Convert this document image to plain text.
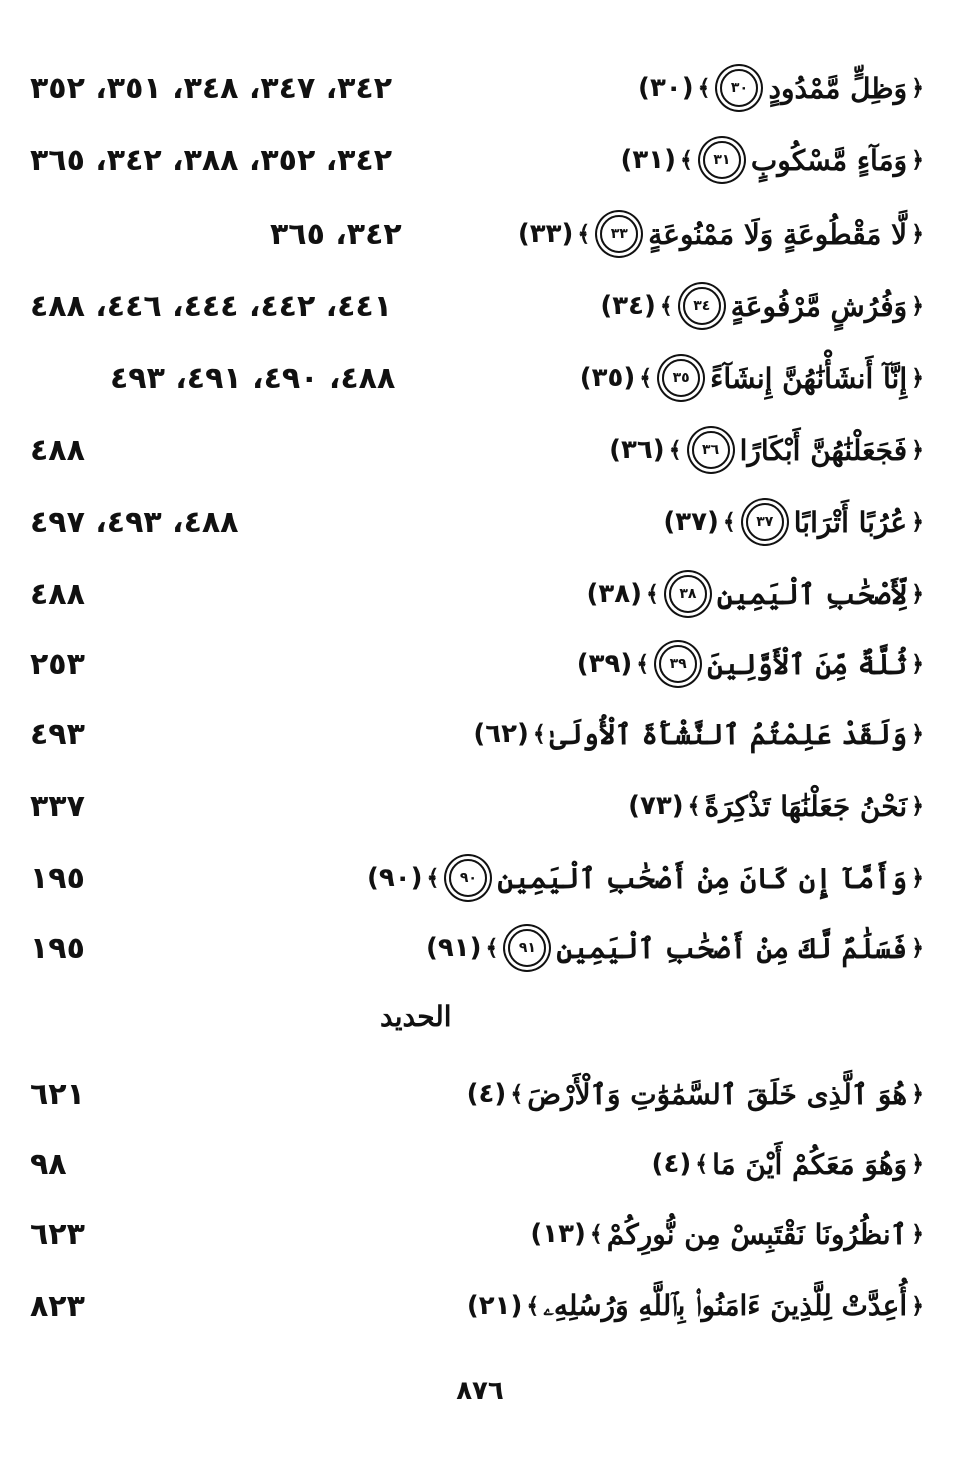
﴿
وَظِلٍّ مَّمْدُودٍ
٣٠
﴾
(٣٠)
٣٤٢، ٣٤٧، ٣٤٨، ٣٥١، ٣٥٢
﴿
وَمَآءٍ مَّسْكُوبٍ
٣١
﴾
(٣١)
٣٤٢، ٣٥٢، ٣٨٨، ٣٤٢، ٣٦٥
﴿
لَّا مَقْطُوعَةٍ وَلَا مَمْنُوعَةٍ
٣٣
﴾
(٣٣)
٣٤٢، ٣٦٥
﴿
وَفُرُشٍ مَّرْفُوعَةٍ
٣٤
﴾
(٣٤)
٤٤١، ٤٤٢، ٤٤٤، ٤٤٦، ٤٨٨
﴿
إِنَّآ أَنشَأْنَٰهُنَّ إِنشَآءً
٣٥
﴾
(٣٥)
٤٨٨، ٤٩٠، ٤٩١، ٤٩٣
﴿
فَجَعَلْنَٰهُنَّ أَبْكَارًا
٣٦
﴾
(٣٦)
٤٨٨
﴿
عُرُبًا أَتْرَابًا
٣٧
﴾
(٣٧)
٤٨٨، ٤٩٣، ٤٩٧
﴿
لِّأَصْحَٰبِ ٱلْيَمِينِ
٣٨
﴾
(٣٨)
٤٨٨
﴿
ثُلَّةٌ مِّنَ ٱلْأَوَّلِينَ
٣٩
﴾
(٣٩)
٢٥٣
﴿
وَلَقَدْ عَلِمْتُمُ ٱلنَّشْأَةَ ٱلْأُولَىٰ
﴾
(٦٢)
٤٩٣
﴿
نَحْنُ جَعَلْنَٰهَا تَذْكِرَةً
﴾
(٧٣)
٣٣٧
﴿
وَأَمَّآ إِن كَانَ مِنْ أَصْحَٰبِ ٱلْيَمِينِ
٩٠
﴾
(٩٠)
١٩٥
﴿
فَسَلَٰمٌ لَّكَ مِنْ أَصْحَٰبِ ٱلْيَمِينِ
٩١
﴾
(٩١)
١٩٥
الحديد
﴿
هُوَ ٱلَّذِى خَلَقَ ٱلسَّمَٰوَٰتِ وَٱلْأَرْضَ
﴾
(٤)
٦٢١
﴿
وَهُوَ مَعَكُمْ أَيْنَ مَا
﴾
(٤)
٩٨
﴿
ٱنظُرُونَا نَقْتَبِسْ مِن نُّورِكُمْ
﴾
(١٣)
٦٢٣
﴿
أُعِدَّتْ لِلَّذِينَ ءَامَنُوا۟ بِٱللَّهِ وَرُسُلِهِۦ
﴾
(٢١)
٨٢٣
٨٧٦
